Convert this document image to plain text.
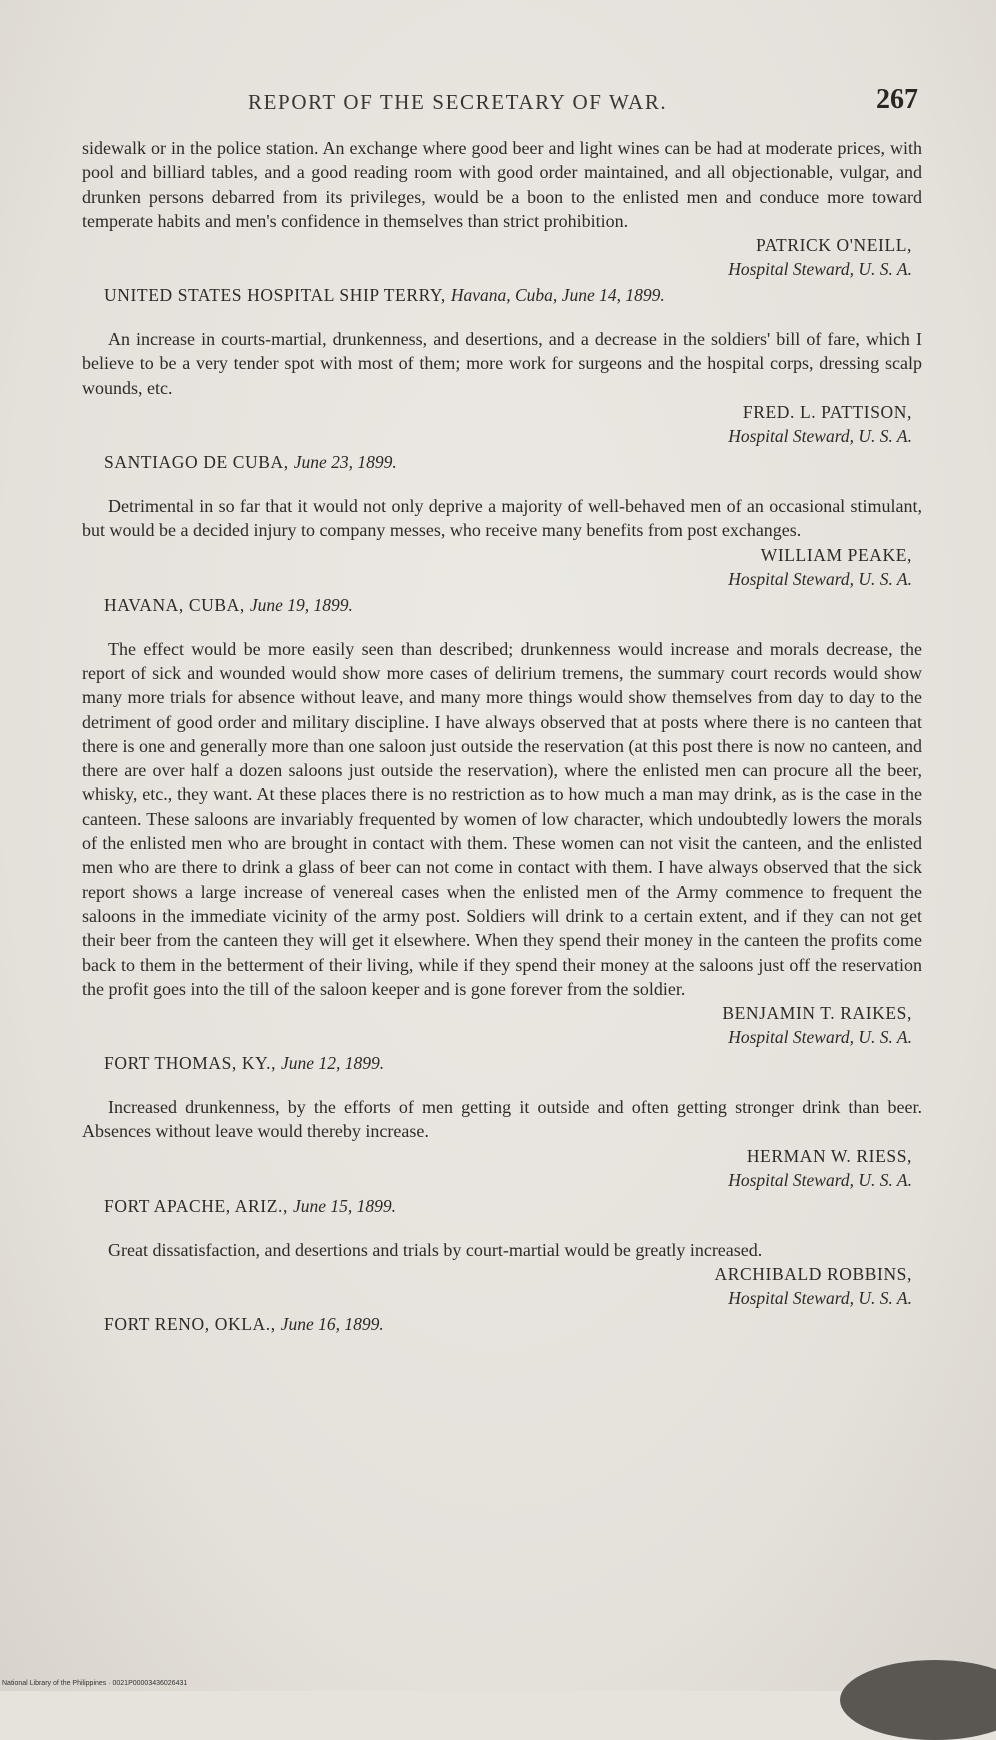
REPORT OF THE SECRETARY OF WAR.	267

sidewalk or in the police station. An exchange where good beer and light wines can be had at moderate prices, with pool and billiard tables, and a good reading room with good order maintained, and all objectionable, vulgar, and drunken persons debarred from its privileges, would be a boon to the enlisted men and conduce more toward temperate habits and men's confidence in themselves than strict prohibition.

PATRICK O'NEILL,
Hospital Steward, U. S. A.

UNITED STATES HOSPITAL SHIP TERRY, Havana, Cuba, June 14, 1899.

An increase in courts-martial, drunkenness, and desertions, and a decrease in the soldiers' bill of fare, which I believe to be a very tender spot with most of them; more work for surgeons and the hospital corps, dressing scalp wounds, etc.

FRED. L. PATTISON,
Hospital Steward, U. S. A.

SANTIAGO DE CUBA, June 23, 1899.

Detrimental in so far that it would not only deprive a majority of well-behaved men of an occasional stimulant, but would be a decided injury to company messes, who receive many benefits from post exchanges.

WILLIAM PEAKE,
Hospital Steward, U. S. A.

HAVANA, CUBA, June 19, 1899.

The effect would be more easily seen than described; drunkenness would increase and morals decrease, the report of sick and wounded would show more cases of delirium tremens, the summary court records would show many more trials for absence without leave, and many more things would show themselves from day to day to the detriment of good order and military discipline. I have always observed that at posts where there is no canteen that there is one and generally more than one saloon just outside the reservation (at this post there is now no canteen, and there are over half a dozen saloons just outside the reservation), where the enlisted men can procure all the beer, whisky, etc., they want. At these places there is no restriction as to how much a man may drink, as is the case in the canteen. These saloons are invariably frequented by women of low character, which undoubtedly lowers the morals of the enlisted men who are brought in contact with them. These women can not visit the canteen, and the enlisted men who are there to drink a glass of beer can not come in contact with them. I have always observed that the sick report shows a large increase of venereal cases when the enlisted men of the Army commence to frequent the saloons in the immediate vicinity of the army post. Soldiers will drink to a certain extent, and if they can not get their beer from the canteen they will get it elsewhere. When they spend their money in the canteen the profits come back to them in the betterment of their living, while if they spend their money at the saloons just off the reservation the profit goes into the till of the saloon keeper and is gone forever from the soldier.

BENJAMIN T. RAIKES,
Hospital Steward, U. S. A.

FORT THOMAS, KY., June 12, 1899.

Increased drunkenness, by the efforts of men getting it outside and often getting stronger drink than beer. Absences without leave would thereby increase.

HERMAN W. RIESS,
Hospital Steward, U. S. A.

FORT APACHE, ARIZ., June 15, 1899.

Great dissatisfaction, and desertions and trials by court-martial would be greatly increased.

ARCHIBALD ROBBINS,
Hospital Steward, U. S. A.

FORT RENO, OKLA., June 16, 1899.

National Library of the Philippines · 0021P00003436026431
